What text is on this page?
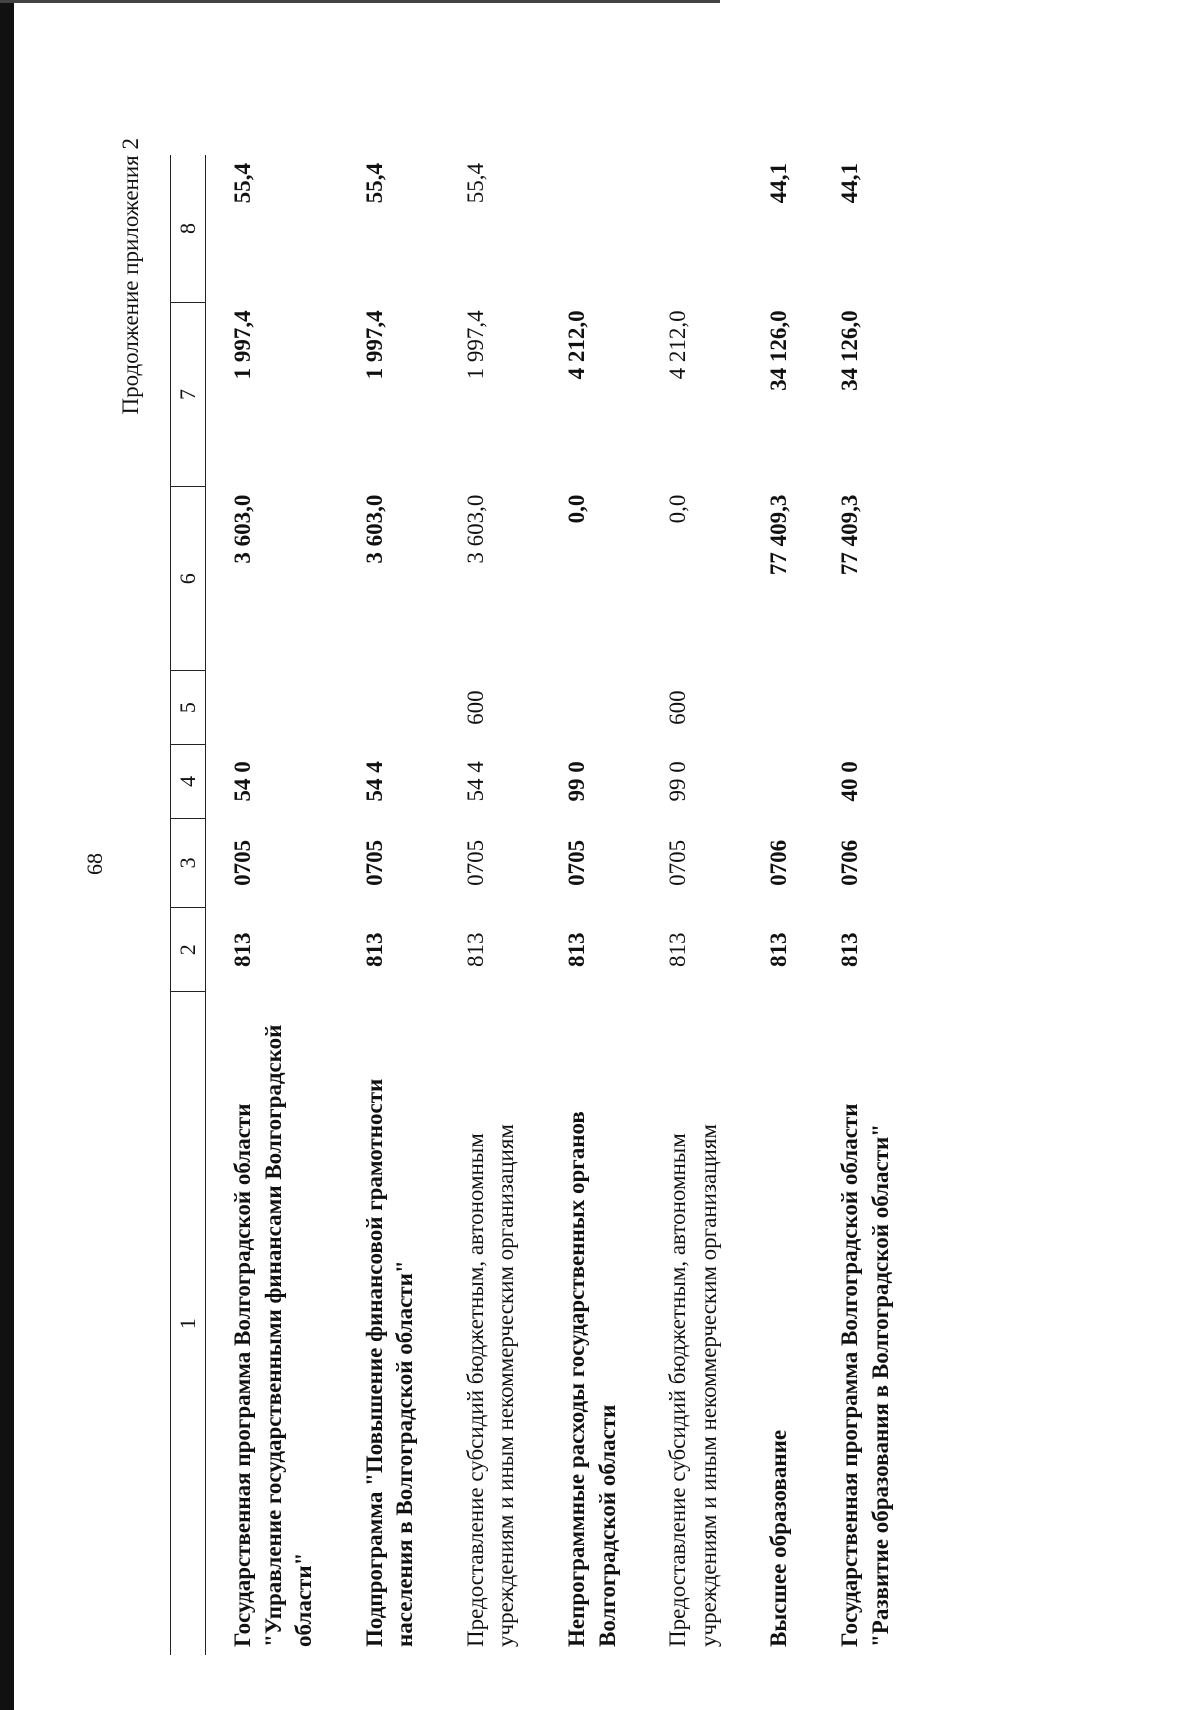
68
Продолжение приложения 2
1	2	3	4	5	6	7	8
Государственная программа Волгоградской области "Управление государственными финансами Волгоградской области"	813	0705	54 0		3 603,0	1 997,4	55,4
Подпрограмма "Повышение финансовой грамотности населения в Волгоградской области"	813	0705	54 4		3 603,0	1 997,4	55,4
Предоставление субсидий бюджетным, автономным учреждениям и иным некоммерческим организациям	813	0705	54 4	600	3 603,0	1 997,4	55,4
Непрограммные расходы государственных органов Волгоградской области	813	0705	99 0		0,0	4 212,0	
Предоставление субсидий бюджетным, автономным учреждениям и иным некоммерческим организациям	813	0705	99 0	600	0,0	4 212,0	
Высшее образование	813	0706			77 409,3	34 126,0	44,1
Государственная программа Волгоградской области "Развитие образования в Волгоградской области"	813	0706	40 0		77 409,3	34 126,0	44,1
